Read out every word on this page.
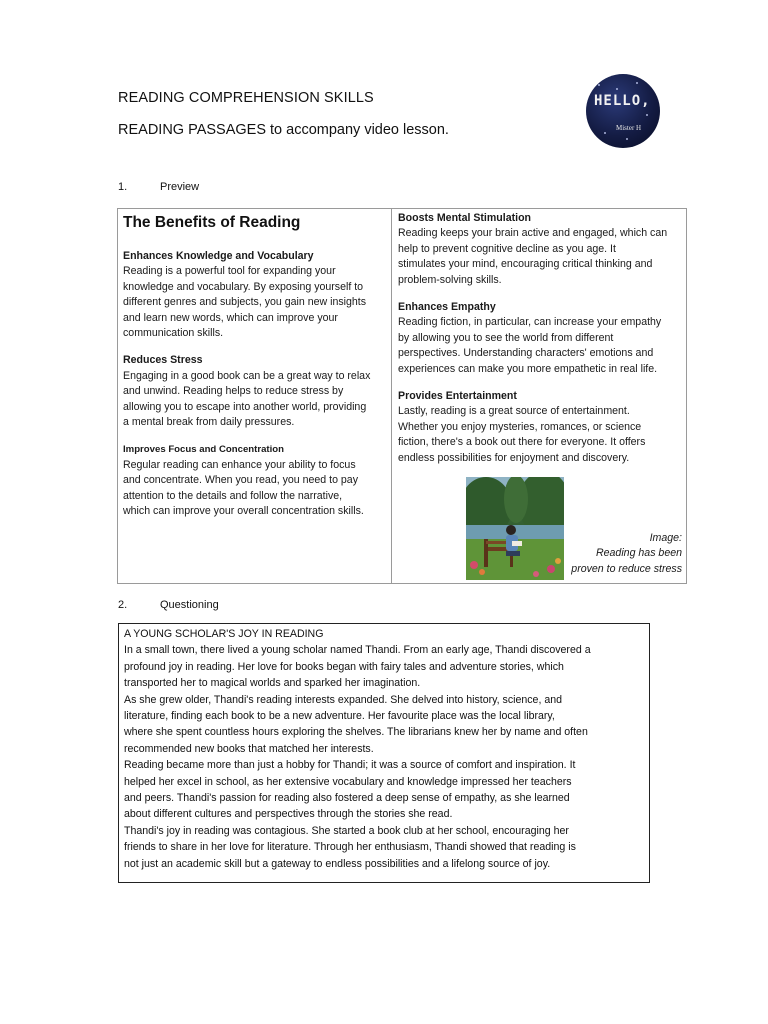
READING COMPREHENSION SKILLS
READING PASSAGES to accompany video lesson.
HELLO,
Mister H
1.	Preview
The Benefits of Reading
Enhances Knowledge and Vocabulary
Reading is a powerful tool for expanding your
knowledge and vocabulary. By exposing yourself to
different genres and subjects, you gain new insights
and learn new words, which can improve your
communication skills.
Reduces Stress
Engaging in a good book can be a great way to relax
and unwind. Reading helps to reduce stress by
allowing you to escape into another world, providing
a mental break from daily pressures.
Improves Focus and Concentration
Regular reading can enhance your ability to focus
and concentrate. When you read, you need to pay
attention to the details and follow the narrative,
which can improve your overall concentration skills.
Boosts Mental Stimulation
Reading keeps your brain active and engaged, which can
help to prevent cognitive decline as you age. It
stimulates your mind, encouraging critical thinking and
problem-solving skills.
Enhances Empathy
Reading fiction, in particular, can increase your empathy
by allowing you to see the world from different
perspectives. Understanding characters' emotions and
experiences can make you more empathetic in real life.
Provides Entertainment
Lastly, reading is a great source of entertainment.
Whether you enjoy mysteries, romances, or science
fiction, there's a book out there for everyone. It offers
endless possibilities for enjoyment and discovery.
Image:
Reading has been
proven to reduce stress
2.	Questioning

A YOUNG SCHOLAR'S JOY IN READING

In a small town, there lived a young scholar named Thandi. From an early age, Thandi discovered a

profound joy in reading. Her love for books began with fairy tales and adventure stories, which

transported her to magical worlds and sparked her imagination.

As she grew older, Thandi's reading interests expanded. She delved into history, science, and

literature, finding each book to be a new adventure. Her favourite place was the local library,

where she spent countless hours exploring the shelves. The librarians knew her by name and often

recommended new books that matched her interests.

Reading became more than just a hobby for Thandi; it was a source of comfort and inspiration. It

helped her excel in school, as her extensive vocabulary and knowledge impressed her teachers

and peers. Thandi's passion for reading also fostered a deep sense of empathy, as she learned

about different cultures and perspectives through the stories she read.

Thandi's joy in reading was contagious. She started a book club at her school, encouraging her

friends to share in her love for literature. Through her enthusiasm, Thandi showed that reading is

not just an academic skill but a gateway to endless possibilities and a lifelong source of joy.
